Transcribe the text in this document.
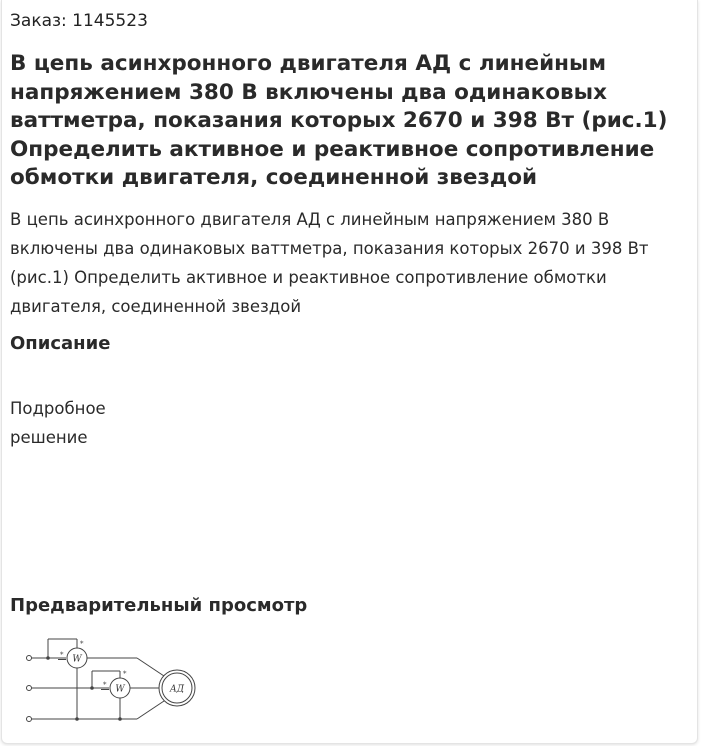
Заказ: 1145523
В цепь асинхронного двигателя АД с линейным напряжением 380 В включены два одинаковых ваттметра, показания которых 2670 и 398 Вт (рис.1) Определить активное и реактивное сопротивление обмотки двигателя, соединенной звездой

В цепь асинхронного двигателя АД с линейным напряжением 380 В включены два одинаковых ваттметра, показания которых 2670 и 398 Вт (рис.1) Определить активное и реактивное сопротивление обмотки двигателя, соединенной звездой

Описание

Подробное решение

Предварительный просмотр
W
W	АД
*
*
*
*
